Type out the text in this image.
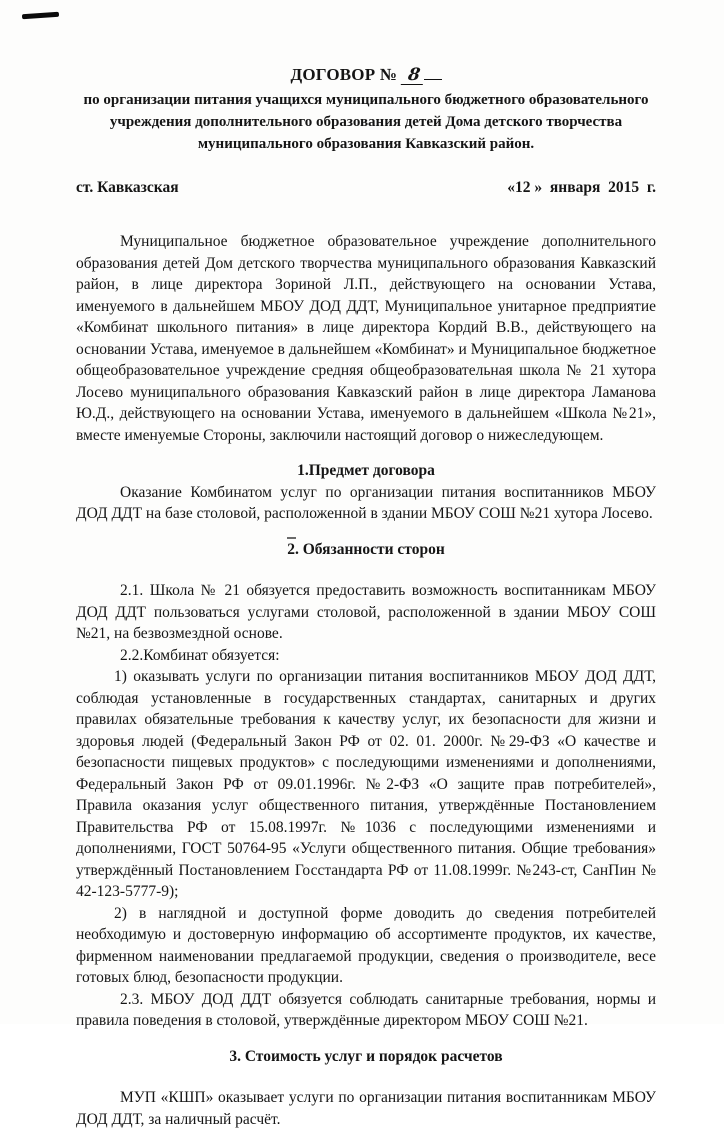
ДОГОВОР № 8
по организации питания учащихся муниципального бюджетного образовательного
учреждения дополнительного образования детей Дома детского творчества
муниципального образования Кавказский район.
ст. Кавказская	«12 »  января  2015  г.

Муниципальное бюджетное образовательное учреждение дополнительного образования детей Дом детского творчества муниципального образования Кавказский район, в лице директора Зориной Л.П., действующего на основании Устава, именуемого в дальнейшем МБОУ ДОД ДДТ, Муниципальное унитарное предприятие «Комбинат школьного питания» в лице директора Кордий В.В., действующего на основании Устава, именуемое в дальнейшем «Комбинат» и Муниципальное бюджетное общеобразовательное учреждение средняя общеобразовательная школа № 21 хутора Лосево муниципального образования Кавказский район в лице директора Ламанова Ю.Д., действующего на основании Устава, именуемого в дальнейшем «Школа №21», вместе именуемые Стороны, заключили настоящий договор о нижеследующем.

1.Предмет договора

Оказание Комбинатом услуг по организации питания воспитанников МБОУ ДОД ДДТ на базе столовой, расположенной в здании МБОУ СОШ №21 хутора Лосево.

2. Обязанности сторон

2.1. Школа № 21 обязуется предоставить возможность воспитанникам МБОУ ДОД ДДТ пользоваться услугами столовой, расположенной в здании МБОУ СОШ №21, на безвозмездной основе.

2.2.Комбинат обязуется:

1) оказывать услуги по организации питания воспитанников МБОУ ДОД ДДТ, соблюдая установленные в государственных стандартах, санитарных и других правилах обязательные требования к качеству услуг, их безопасности для жизни и здоровья людей (Федеральный Закон РФ от 02. 01. 2000г. №29-ФЗ «О качестве и безопасности пищевых продуктов» с последующими изменениями и дополнениями, Федеральный Закон РФ от 09.01.1996г. №2-ФЗ «О защите прав потребителей», Правила оказания услуг общественного питания, утверждённые Постановлением Правительства РФ от 15.08.1997г. №1036 с последующими изменениями и дополнениями, ГОСТ 50764-95 «Услуги общественного питания. Общие требования» утверждённый Постановлением Госстандарта РФ от 11.08.1999г. №243-ст, СанПин № 42-123-5777-9);

2) в наглядной и доступной форме доводить до сведения потребителей необходимую и достоверную информацию об ассортименте продуктов, их качестве, фирменном наименовании предлагаемой продукции, сведения о производителе, весе готовых блюд, безопасности продукции.

2.3. МБОУ ДОД ДДТ обязуется соблюдать санитарные требования, нормы и правила поведения в столовой, утверждённые директором МБОУ СОШ №21.

3. Стоимость услуг и порядок расчетов

МУП «КШП» оказывает услуги по организации питания воспитанникам МБОУ ДОД ДДТ, за наличный расчёт.
